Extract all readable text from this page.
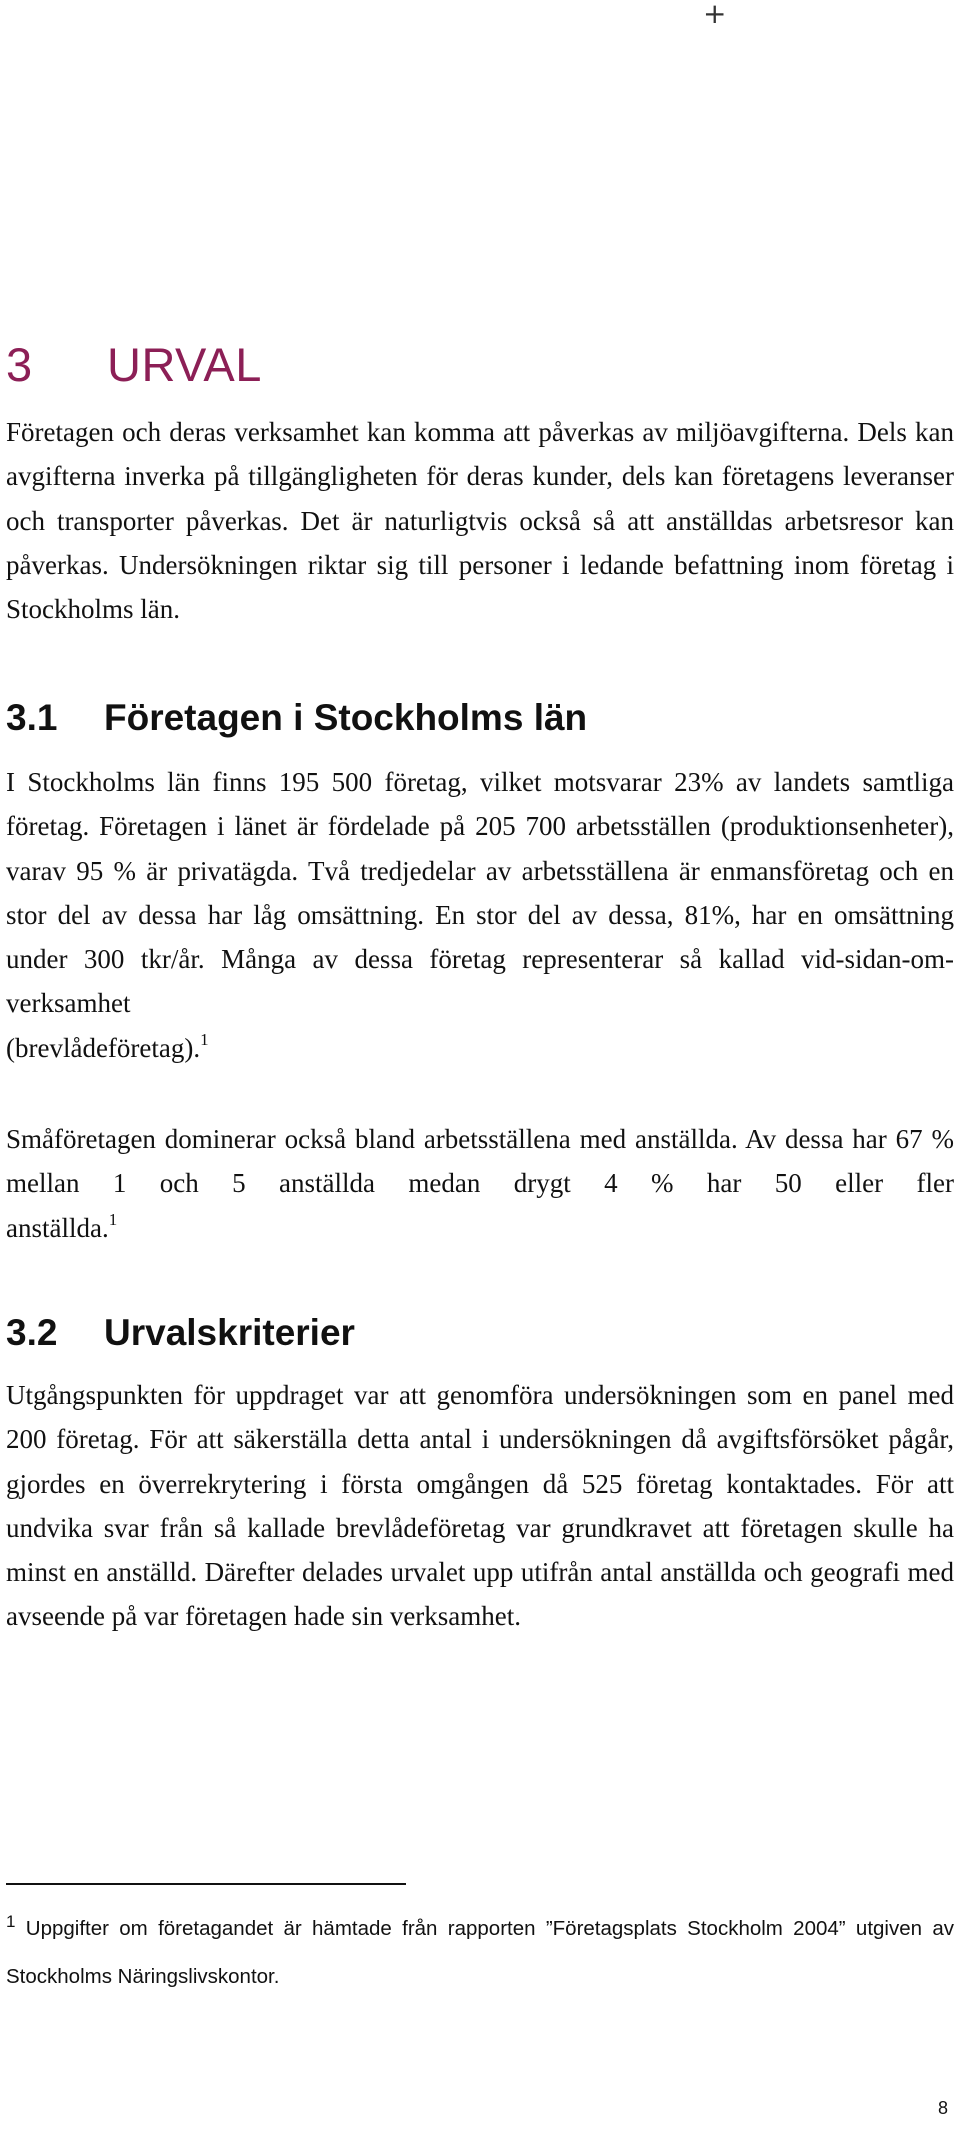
+
3 URVAL

Företagen och deras verksamhet kan komma att påverkas av miljöavgifterna. Dels kan avgifterna inverka på tillgängligheten för deras kunder, dels kan företagens leveranser och transporter påverkas. Det är naturligtvis också så att anställdas arbetsresor kan påverkas. Undersökningen riktar sig till personer i ledande befattning inom företag i Stockholms län.

3.1 Företagen i Stockholms län
I Stockholms län finns 195 500 företag, vilket motsvarar 23% av landets samtliga företag. Företagen i länet är fördelade på 205 700 arbetsställen (produktionsenheter), varav 95 % är privatägda. Två tredjedelar av arbetsställena är enmansföretag och en stor del av dessa har låg omsättning. En stor del av dessa, 81%, har en omsättning under 300 tkr/år. Många av dessa företag representerar så kallad vid-sidan-om-verksamhet
(brevlådeföretag).$^1$
Småföretagen dominerar också bland arbetsställena med anställda. Av dessa har 67 % mellan 1 och 5 anställda medan drygt 4 % har 50 eller fler
anställda.$^1$
3.2 Urvalskriterier

Utgångspunkten för uppdraget var att genomföra undersökningen som en panel med 200 företag. För att säkerställa detta antal i undersökningen då avgiftsförsöket pågår, gjordes en överrekrytering i första omgången då 525 företag kontaktades. För att undvika svar från så kallade brevlådeföretag var grundkravet att företagen skulle ha minst en anställd. Därefter delades urvalet upp utifrån antal anställda och geografi med avseende på var företagen hade sin verksamhet.

$^1$ Uppgifter om företagandet är hämtade från rapporten ”Företagsplats Stockholm 2004” utgiven av Stockholms Näringslivskontor.

8
